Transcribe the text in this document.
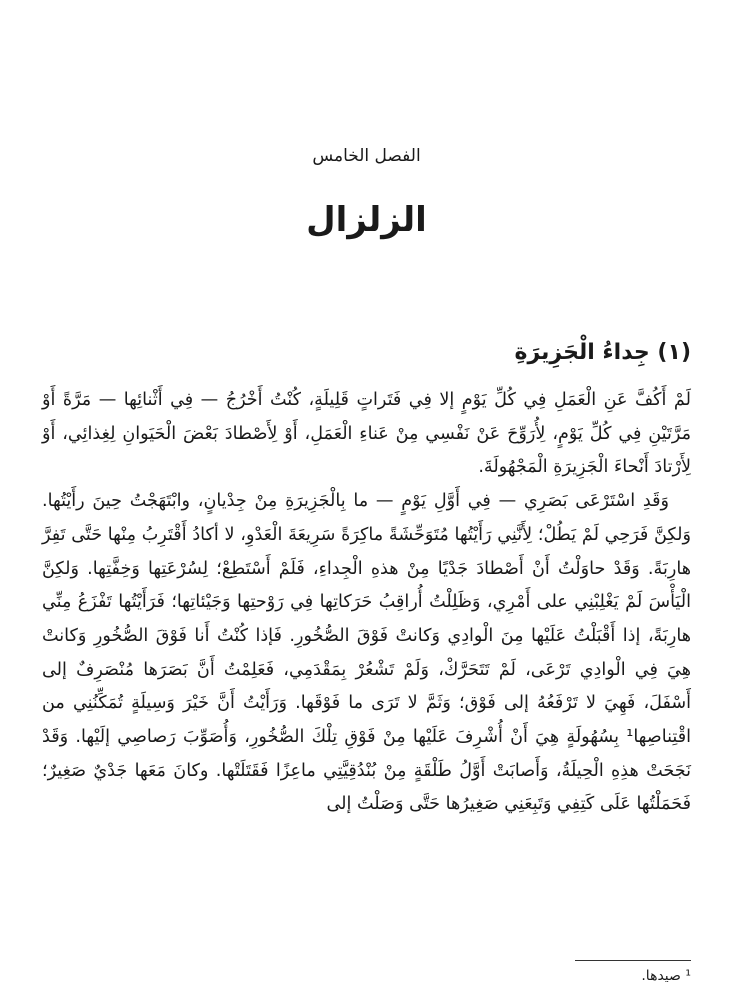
الفصل الخامس
الزلزال
(١) جِداءُ الْجَزِيرَةِ

لَمْ أَكُفَّ عَنِ الْعَمَلِ فِي كُلِّ يَوْمٍ إلا فِي فَتَراتٍ قَلِيلَةٍ، كُنْتُ أَخْرُجُ — فِي أَثْنائِها — مَرَّةً أَوْ مَرَّتَيْنِ فِي كُلِّ يَوْمٍ، لِأُرَوِّحَ عَنْ نَفْسِي مِنْ عَناءِ الْعَمَلِ، أَوْ لِأَصْطادَ بَعْضَ الْحَيَوانِ لِغِذائِي، أَوْ لِأَرْتادَ أَنْحاءَ الْجَزِيرَةِ الْمَجْهُولَةَ.

وَقَدِ اسْتَرْعَى بَصَرِي — فِي أَوَّلِ يَوْمٍ — ما بِالْجَزِيرَةِ مِنْ جِدْيانٍ، وابْتَهَجْتُ حِينَ رأَيْتُها. وَلكِنَّ فَرَحِي لَمْ يَطُلْ؛ لِأَنَّنِي رَأَيْتُها مُتَوَحِّشَةً ماكِرَةً سَرِيعَةَ الْعَدْوِ، لا أكادُ أَقْتَرِبُ مِنْها حَتَّى تَفِرَّ هارِبَةً. وَقَدْ حاوَلْتُ أَنْ أَصْطادَ جَدْيًا مِنْ هذهِ الْجِداءِ، فَلَمْ أَسْتَطِعْ؛ لِسُرْعَتِها وَخِفَّتِها. وَلكِنَّ الْيَأْسَ لَمْ يَغْلِبْنِي على أَمْرِي، وَظَلِلْتُ أُراقِبُ حَرَكاتِها فِي رَوْحتِها وَجَيْئاتِها؛ فَرَأَيْتُها تَفْزَعُ مِنِّي هارِبَةً، إذا أَقْبَلْتُ عَلَيْها مِنَ الْوادِي وَكانتْ فَوْقَ الصُّخُورِ. فَإذا كُنْتُ أَنا فَوْقَ الصُّخُورِ وَكانتْ هِيَ فِي الْوادِي تَرْعَى، لَمْ تَتَحَرَّكْ، وَلَمْ تَشْعُرْ بِمَقْدَمِي، فَعَلِمْتُ أَنَّ بَصَرَها مُنْصَرِفٌ إلى أَسْفَلَ، فَهِيَ لا تَرْفَعُهُ إلى فَوْق؛ وَثَمَّ لا تَرَى ما فَوْقَها. وَرَأَيْتُ أَنَّ خَيْرَ وَسِيلَةٍ تُمَكِّنُنِي من اقْتِناصِها¹ بِسُهُولَةٍ هِيَ أَنْ أُشْرِفَ عَلَيْها مِنْ فَوْقِ تِلْكَ الصُّخُورِ، وَأُصَوِّبَ رَصاصِي إلَيْها. وَقَدْ نَجَحَتْ هذِهِ الْحِيلَةُ، وَأَصابَتْ أَوَّلُ طَلْقَةٍ مِنْ بُنْدُقِيَّتِي ماعِزًا فَقَتَلَتْها. وكانَ مَعَها جَدْيٌ صَغِيرٌ؛ فَحَمَلْتُها عَلَى كَتِفِي وَتَبِعَنِي صَغِيرُها حَتَّى وَصَلْتُ إلى

¹ صيدها.
